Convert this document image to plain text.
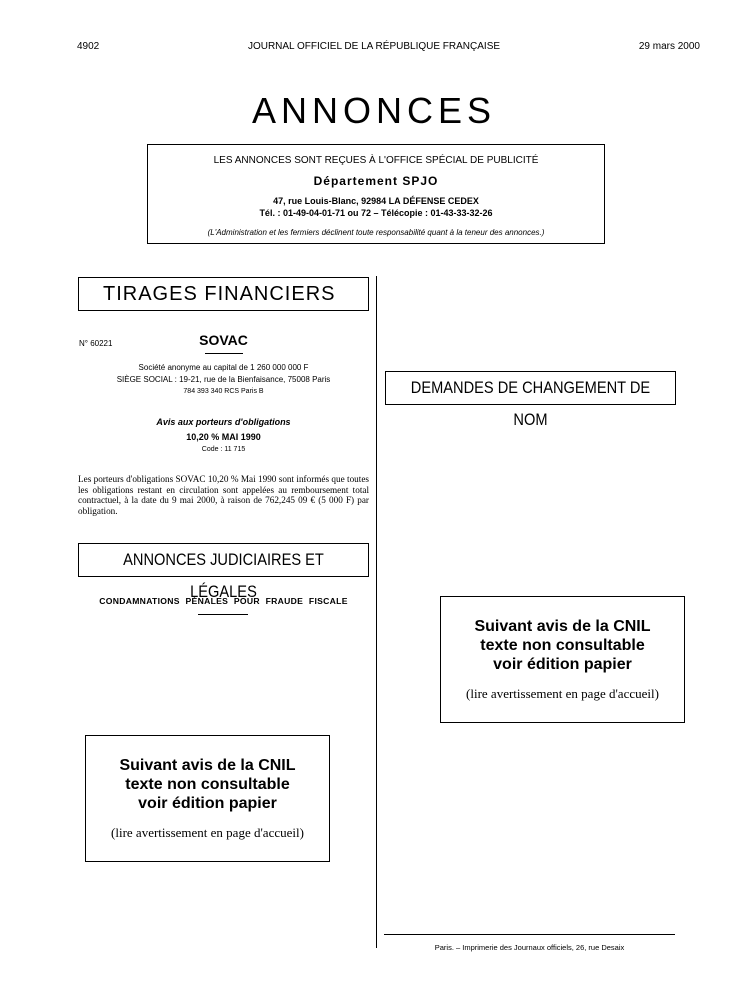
4902	JOURNAL OFFICIEL DE LA RÉPUBLIQUE FRANÇAISE	29 mars 2000
ANNONCES
LES ANNONCES SONT REÇUES À L'OFFICE SPÉCIAL DE PUBLICITÉ
Département SPJO
47, rue Louis-Blanc, 92984 LA DÉFENSE CEDEX
Tél. : 01-49-04-01-71 ou 72 – Télécopie : 01-43-33-32-26
(L'Administration et les fermiers déclinent toute responsabilité quant à la teneur des annonces.)
TIRAGES FINANCIERS
SOVAC
N° 60221
Société anonyme au capital de 1 260 000 000 F
SIÈGE SOCIAL : 19-21, rue de la Bienfaisance, 75008 Paris
784 393 340 RCS Paris B
Avis aux porteurs d'obligations
10,20 % MAI 1990
Code : 11 715
Les porteurs d'obligations SOVAC 10,20 % Mai 1990 sont informés que toutes les obligations restant en circulation sont appelées au remboursement total contractuel, à la date du 9 mai 2000, à raison de 762,245 09 € (5 000 F) par obligation.
ANNONCES JUDICIAIRES ET LÉGALES
CONDAMNATIONS PÉNALES POUR FRAUDE FISCALE
DEMANDES DE CHANGEMENT DE NOM
Suivant avis de la CNIL
texte non consultable
voir édition papier
(lire avertissement en page d'accueil)
Suivant avis de la CNIL
texte non consultable
voir édition papier
(lire avertissement en page d'accueil)
Paris. – Imprimerie des Journaux officiels, 26, rue Desaix
